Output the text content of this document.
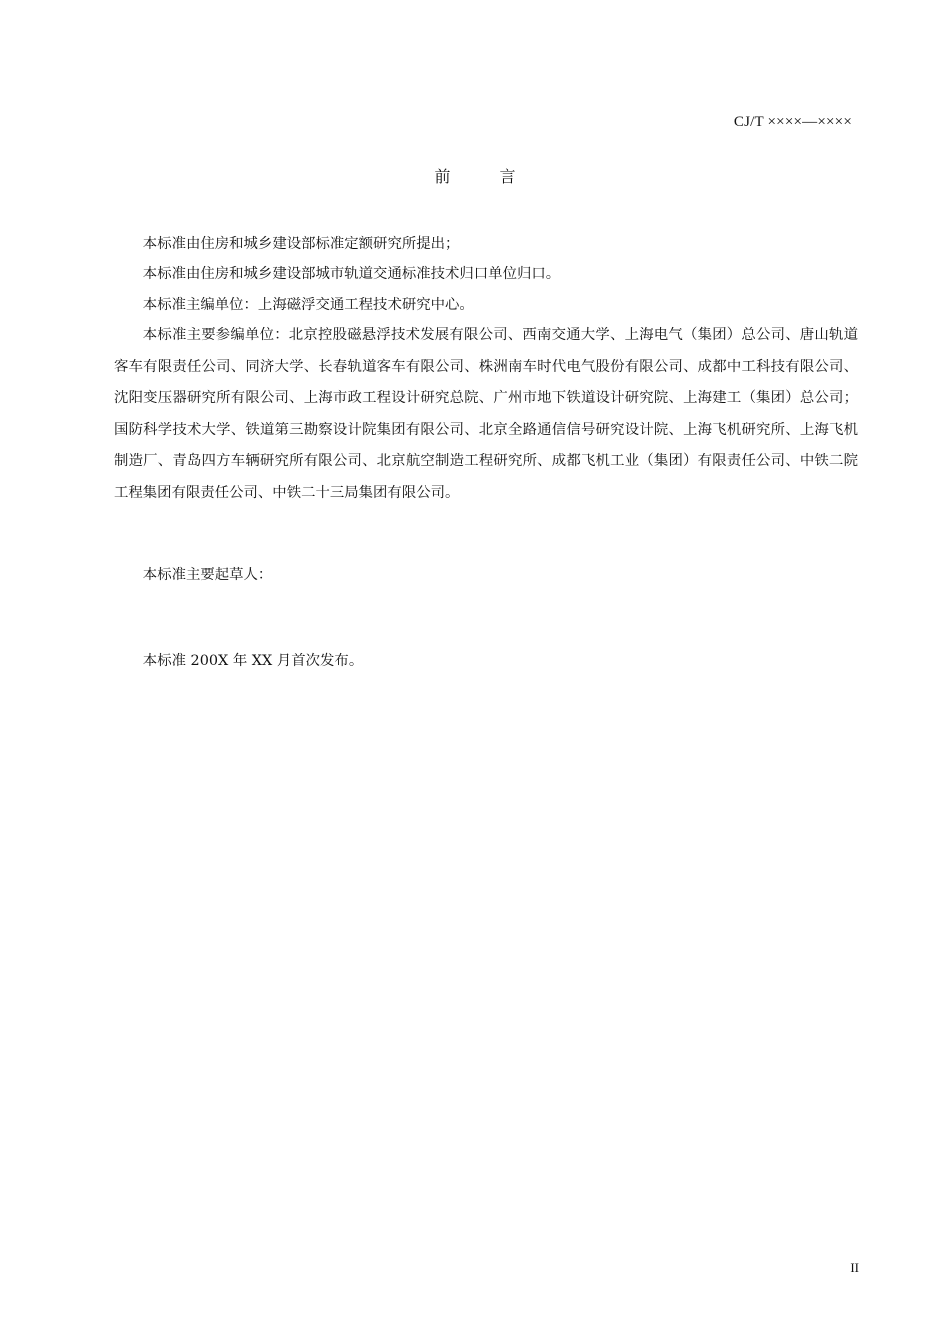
CJ/T ××××—××××
前 言

本标准由住房和城乡建设部标准定额研究所提出；

本标准由住房和城乡建设部城市轨道交通标准技术归口单位归口。

本标准主编单位：上海磁浮交通工程技术研究中心。

本标准主要参编单位：北京控股磁悬浮技术发展有限公司、西南交通大学、上海电气（集团）总公司、唐山轨道客车有限责任公司、同济大学、长春轨道客车有限公司、株洲南车时代电气股份有限公司、成都中工科技有限公司、沈阳变压器研究所有限公司、上海市政工程设计研究总院、广州市地下铁道设计研究院、上海建工（集团）总公司；国防科学技术大学、铁道第三勘察设计院集团有限公司、北京全路通信信号研究设计院、上海飞机研究所、上海飞机制造厂、青岛四方车辆研究所有限公司、北京航空制造工程研究所、成都飞机工业（集团）有限责任公司、中铁二院工程集团有限责任公司、中铁二十三局集团有限公司。

本标准主要起草人：

本标准 200X 年 XX 月首次发布。

II
